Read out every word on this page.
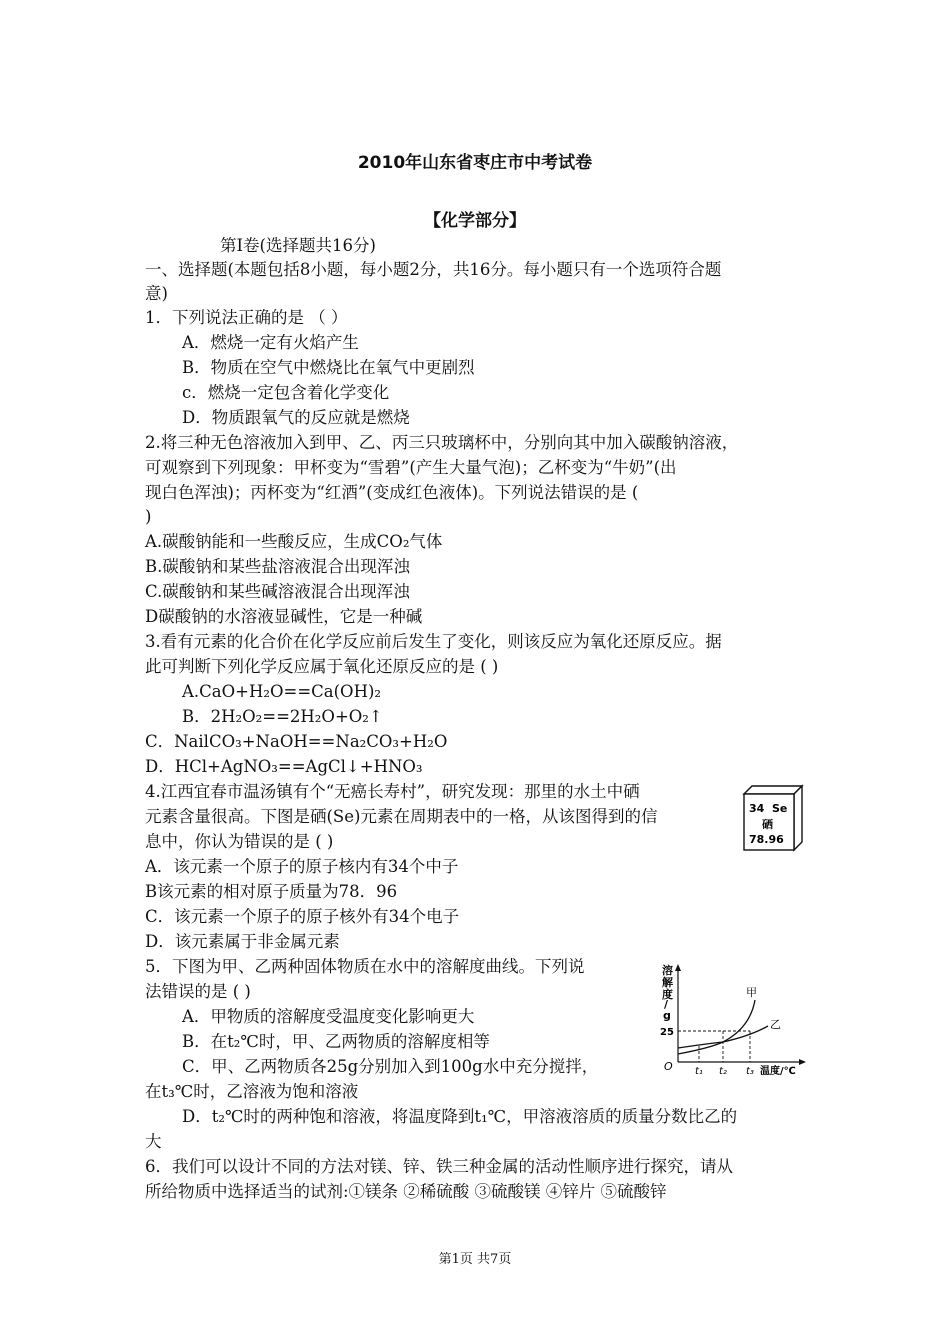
2010年山东省枣庄市中考试卷
【化学部分】
第Ⅰ卷(选择题共16分)
一、选择题(本题包括8小题，每小题2分，共16分。每小题只有一个选项符合题
意)
1．下列说法正确的是 （ ）
A．燃烧一定有火焰产生
B．物质在空气中燃烧比在氧气中更剧烈
c．燃烧一定包含着化学变化
D．物质跟氧气的反应就是燃烧
2.将三种无色溶液加入到甲、乙、丙三只玻璃杯中，分别向其中加入碳酸钠溶液，
可观察到下列现象：甲杯变为“雪碧”(产生大量气泡)；乙杯变为“牛奶”(出
现白色浑浊)；丙杯变为“红酒”(变成红色液体)。下列说法错误的是 (
)
A.碳酸钠能和一些酸反应，生成CO₂气体
B.碳酸钠和某些盐溶液混合出现浑浊
C.碳酸钠和某些碱溶液混合出现浑浊
D碳酸钠的水溶液显碱性，它是一种碱
3.看有元素的化合价在化学反应前后发生了变化，则该反应为氧化还原反应。据
此可判断下列化学反应属于氧化还原反应的是 ( )
A.CaO+H₂O==Ca(OH)₂
B．2H₂O₂==2H₂O+O₂↑
C．NailCO₃+NaOH==Na₂CO₃+H₂O
D．HCl+AgNO₃==AgCl↓+HNO₃
4.江西宜春市温汤镇有个“无癌长寿村”，研究发现：那里的水土中硒
元素含量很高。下图是硒(Se)元素在周期表中的一格，从该图得到的信
息中，你认为错误的是 ( )
A．该元素一个原子的原子核内有34个中子
B该元素的相对原子质量为78．96
C．该元素一个原子的原子核外有34个电子
D．该元素属于非金属元素
5．下图为甲、乙两种固体物质在水中的溶解度曲线。下列说
法错误的是 ( )
A．甲物质的溶解度受温度变化影响更大
B．在t₂℃时，甲、乙两物质的溶解度相等
C．甲、乙两物质各25g分别加入到100g水中充分搅拌，
在t₃℃时，乙溶液为饱和溶液
D．t₂℃时的两种饱和溶液，将温度降到t₁℃，甲溶液溶质的质量分数比乙的
大
6．我们可以设计不同的方法对镁、锌、铁三种金属的活动性顺序进行探究，请从
所给物质中选择适当的试剂:①镁条 ②稀硫酸 ③硫酸镁 ④锌片 ⑤硫酸锌
34 Se
硒
78.96
溶
解
度
/
g
O
25
甲
乙
t₁ t₂ t₃ 温度/℃
第1页 共7页
